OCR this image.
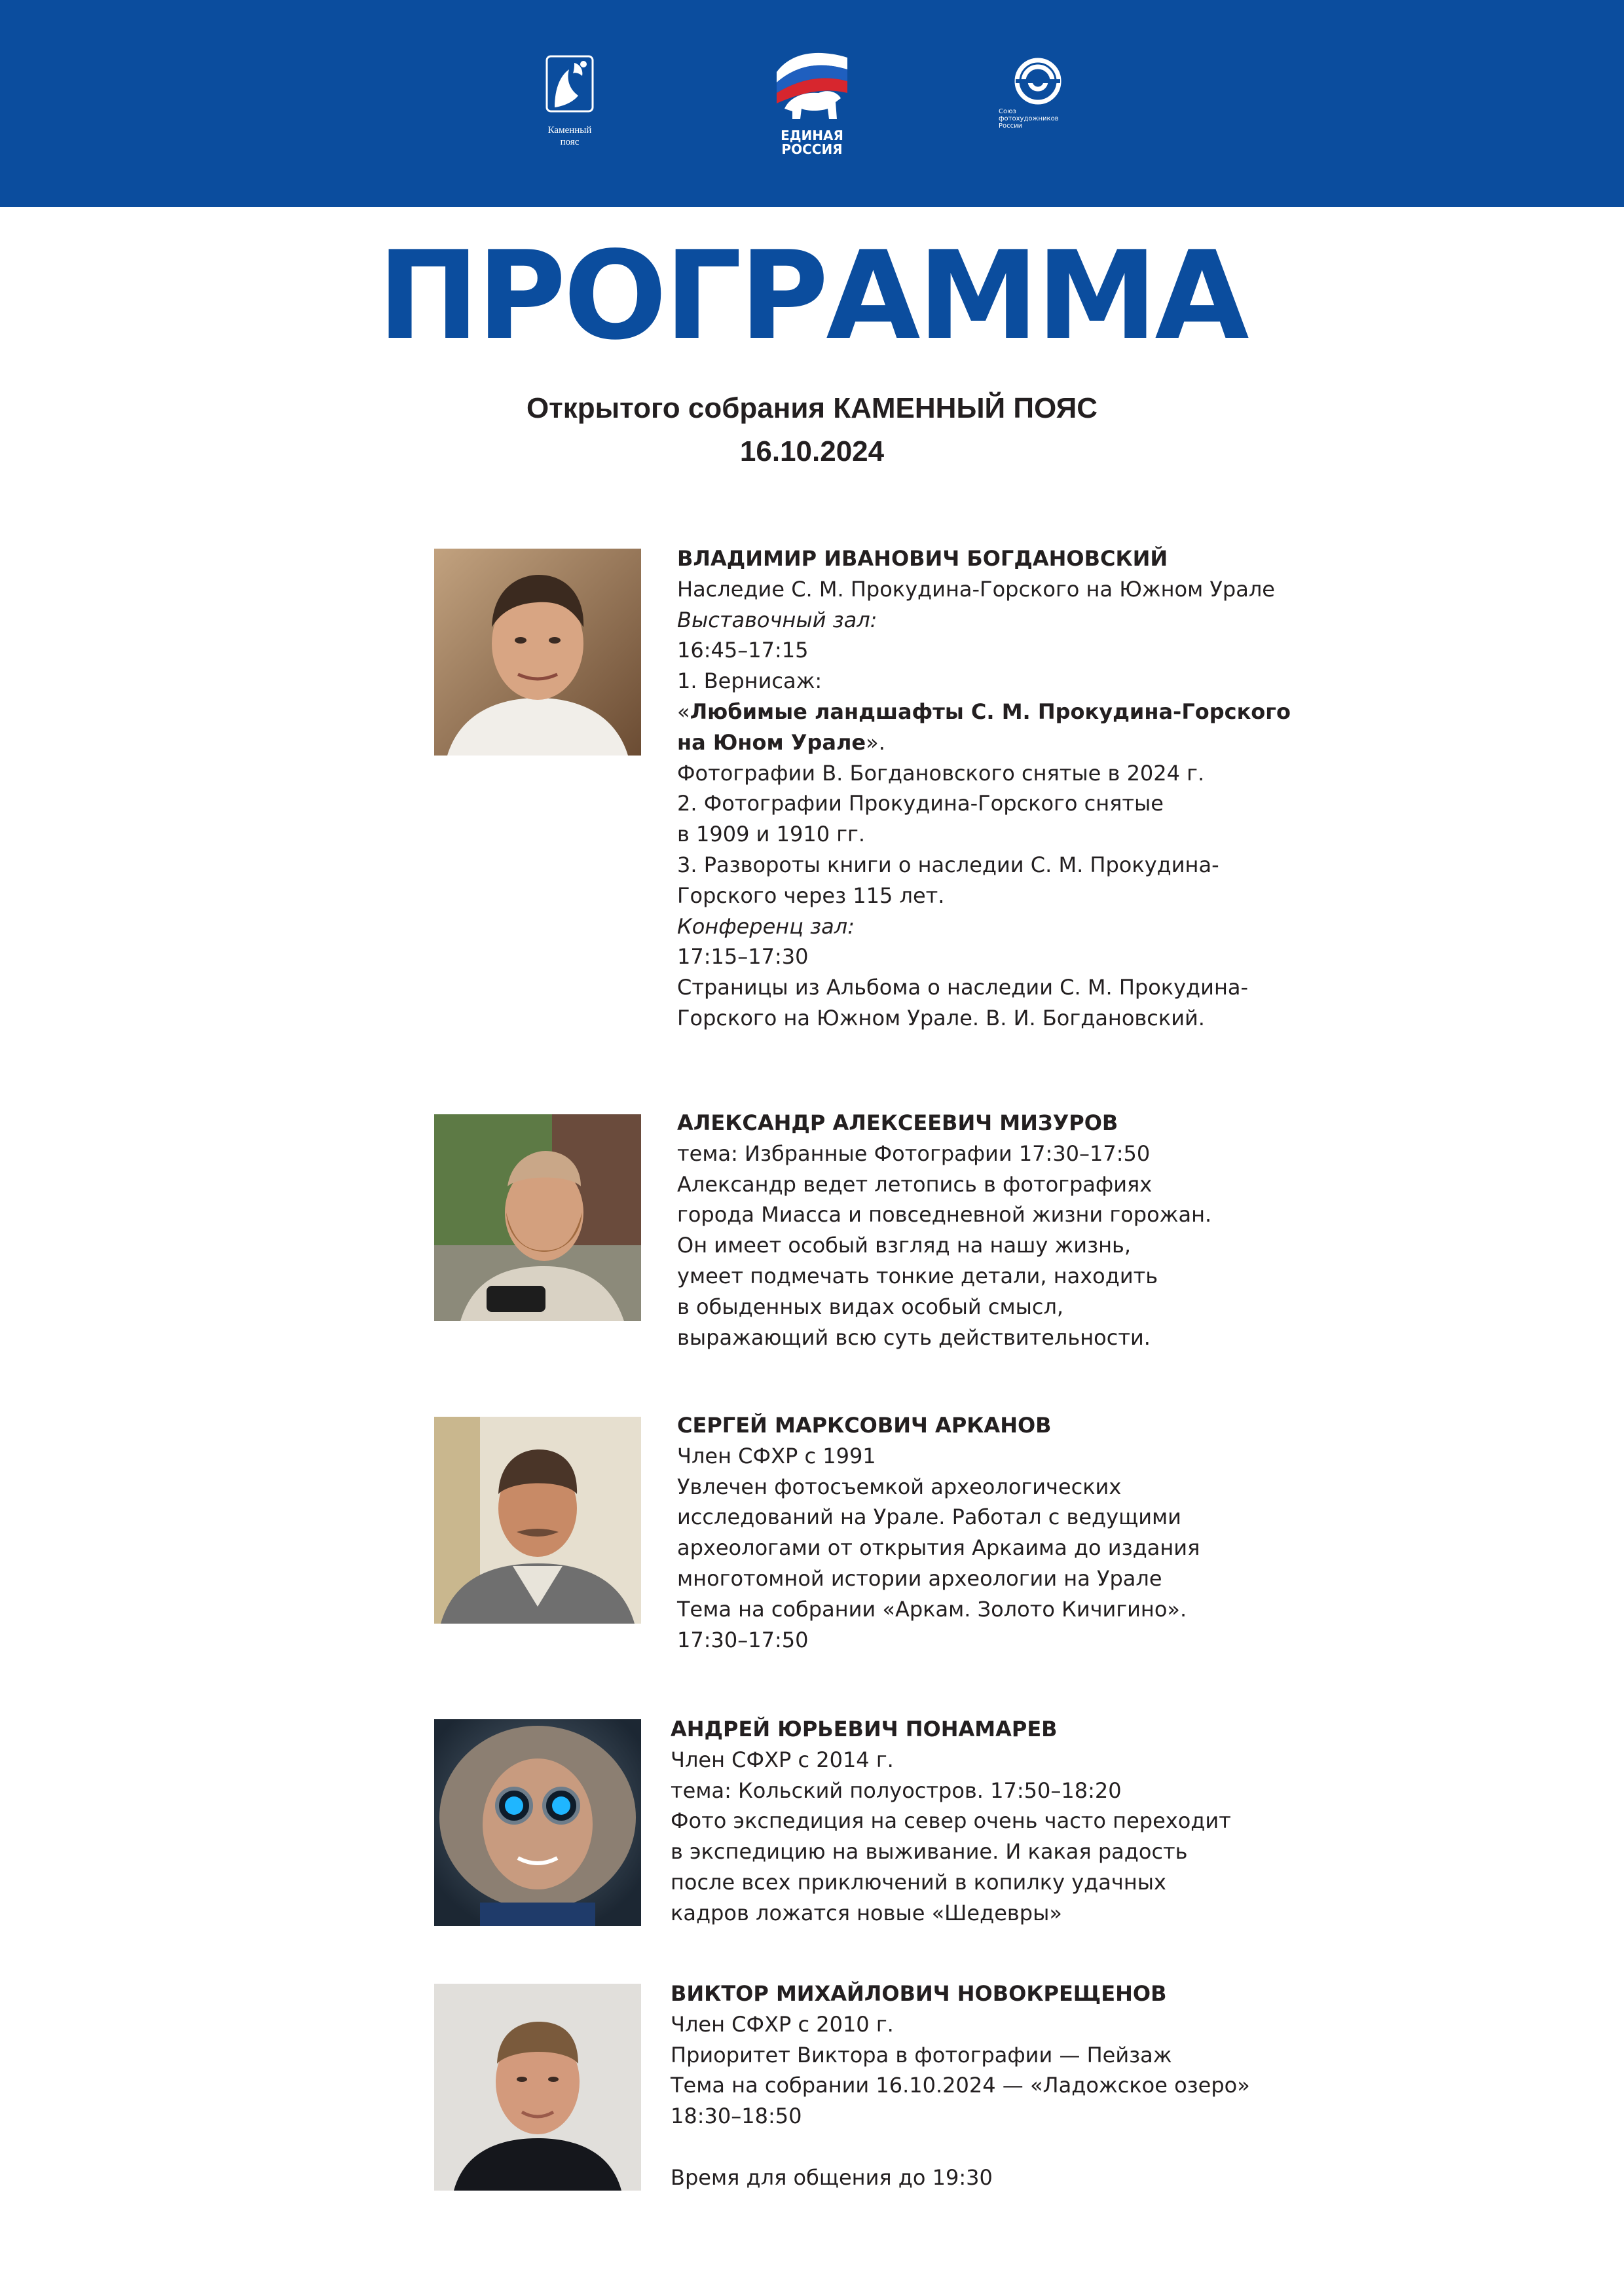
Каменный
пояс	ЕДИНАЯ
РОССИЯ
Союз
фотохудожников
России
ПРОГРАММА
Открытого собрания КАМЕННЫЙ ПОЯС
16.10.2024
ВЛАДИМИР ИВАНОВИЧ БОГДАНОВСКИЙ
Наследие С. М. Прокудина-Горского на Южном Урале
Выставочный зал:
16:45–17:15
1. Вернисаж:
«Любимые ландшафты С. М. Прокудина-Горского
на Юном Урале».
Фотографии В. Богдановского снятые в 2024 г.
2. Фотографии Прокудина-Горского снятые
в 1909 и 1910 гг.
3. Развороты книги о наследии С. М. Прокудина-
Горского через 115 лет.
Конференц зал:
17:15–17:30
Страницы из Альбома о наследии С. М. Прокудина-
Горского на Южном Урале. В. И. Богдановский.
АЛЕКСАНДР АЛЕКСЕЕВИЧ МИЗУРОВ
тема: Избранные Фотографии 17:30–17:50
Александр ведет летопись в фотографиях
города Миасса и повседневной жизни горожан.
Он имеет особый взгляд на нашу жизнь,
умеет подмечать тонкие детали, находить
в обыденных видах особый смысл,
выражающий всю суть действительности.
СЕРГЕЙ МАРКСОВИЧ АРКАНОВ
Член СФХР с 1991
Увлечен фотосъемкой археологических
исследований на Урале. Работал с ведущими
археологами от открытия Аркаима до издания
многотомной истории археологии на Урале
Тема на собрании «Аркам. Золото Кичигино».
17:30–17:50
АНДРЕЙ ЮРЬЕВИЧ ПОНАМАРЕВ
Член СФХР с 2014 г.
тема: Кольский полуостров. 17:50–18:20
Фото экспедиция на север очень часто переходит
в экспедицию на выживание. И какая радость
после всех приключений в копилку удачных
кадров ложатся новые «Шедевры»
ВИКТОР МИХАЙЛОВИЧ НОВОКРЕЩЕНОВ
Член СФХР с 2010 г.
Приоритет Виктора в фотографии — Пейзаж
Тема на собрании 16.10.2024 — «Ладожское озеро»
18:30–18:50
Время для общения до 19:30
